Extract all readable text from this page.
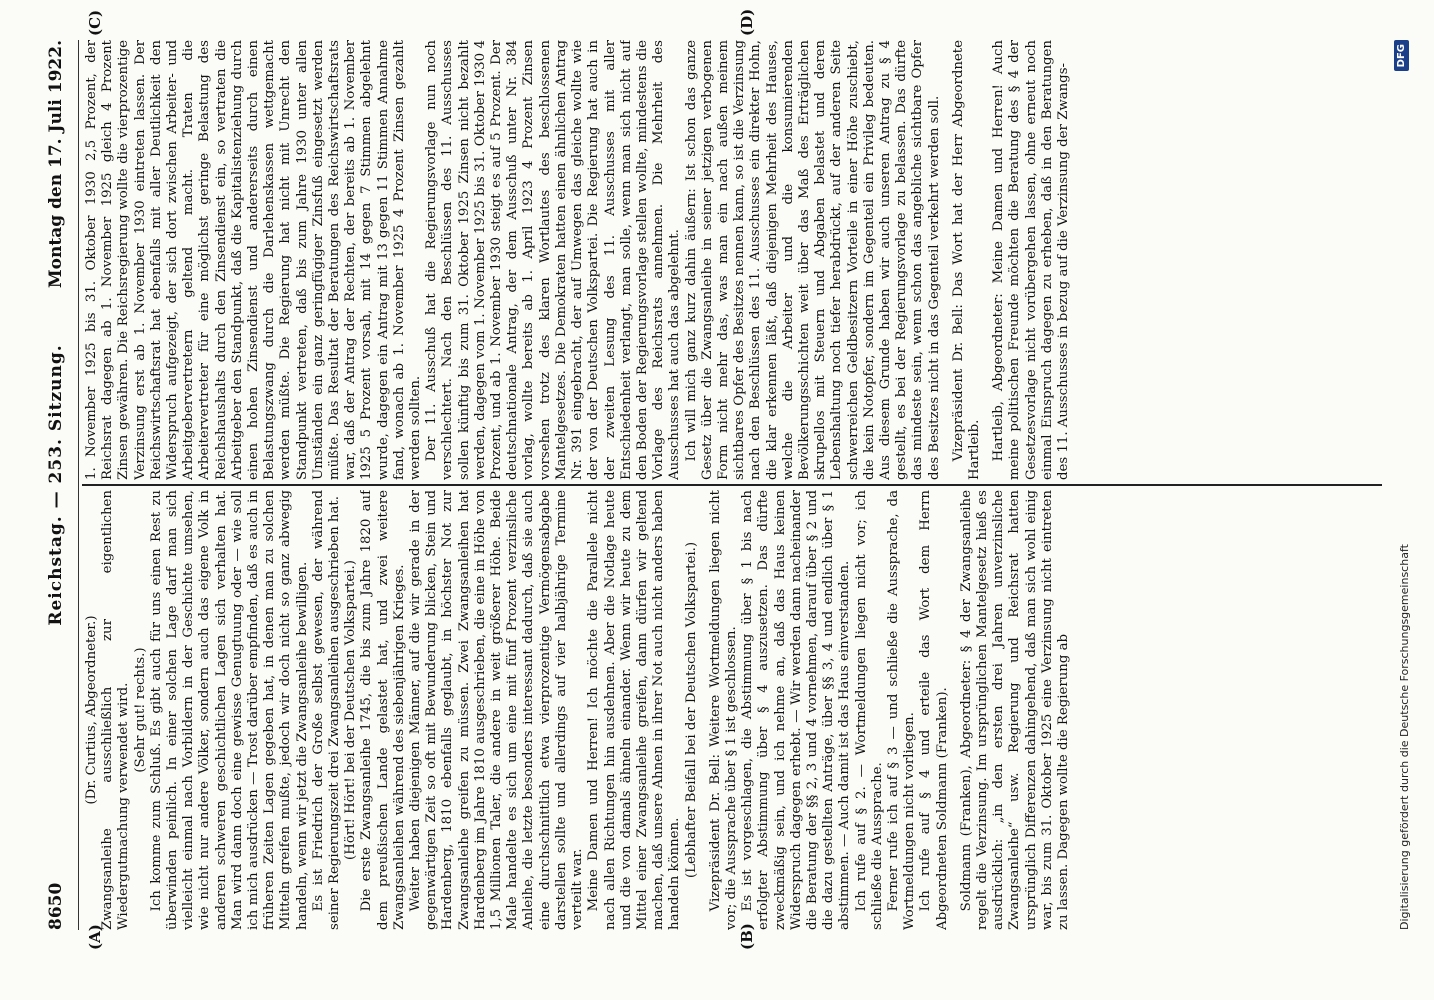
8650
Reichstag. — 253. Sitzung.
Montag den 17. Juli 1922.
(A)	(B)
(C)	(D)

(Dr. Curtius, Abgeordneter.) Zwangsanleihe ausschließlich zur eigentlichen Wiedergutmachung verwendet wird. (Sehr gut! rechts.) Ich komme zum Schluß. Es gibt auch für uns einen Rest zu überwinden peinlich. In einer solchen Lage darf man sich vielleicht einmal nach Vorbildern in der Geschichte umsehen, wie nicht nur andere Völker, sondern auch das eigene Volk in anderen schweren geschichtlichen Lagen sich verhalten hat. Man wird dann doch eine gewisse Genugtuung oder — wie soll ich mich ausdrücken — Trost darüber empfinden, daß es auch in früheren Zeiten Lagen gegeben hat, in denen man zu solchen Mitteln greifen mußte, jedoch wir doch nicht so ganz abwegig handeln, wenn wir jetzt die Zwangsanleihe bewilligen. Es ist Friedrich der Große selbst gewesen, der während seiner Regierungszeit drei Zwangsanleihen ausgeschrieben hat. (Hört! Hört! bei der Deutschen Volkspartei.) Die erste Zwangsanleihe 1745, die bis zum Jahre 1820 auf dem preußischen Lande gelastet hat, und zwei weitere Zwangsanleihen während des siebenjährigen Krieges. Weiter haben diejenigen Männer, auf die wir gerade in der gegenwärtigen Zeit so oft mit Bewunderung blicken, Stein und Hardenberg, 1810 ebenfalls geglaubt, in höchster Not zur Zwangsanleihe greifen zu müssen. Zwei Zwangsanleihen hat Hardenberg im Jahre 1810 ausgeschrieben, die eine in Höhe von 1,5 Millionen Taler, die andere in weit größerer Höhe. Beide Male handelte es sich um eine mit fünf Prozent verzinsliche Anleihe, die letzte besonders interessant dadurch, daß sie auch eine durchschnittlich etwa vierprozentige Vermögensabgabe darstellen sollte und allerdings auf vier halbjährige Termine verteilt war. Meine Damen und Herren! Ich möchte die Parallele nicht nach allen Richtungen hin ausdehnen. Aber die Notlage heute und die von damals ähneln einander. Wenn wir heute zu dem Mittel einer Zwangsanleihe greifen, dann dürfen wir geltend machen, daß unsere Ahnen in ihrer Not auch nicht anders haben handeln können. (Lebhafter Beifall bei der Deutschen Volkspartei.) Vizepräsident Dr. Bell: Weitere Wortmeldungen liegen nicht vor; die Aussprache über § 1 ist geschlossen. Es ist vorgeschlagen, die Abstimmung über § 1 bis nach erfolgter Abstimmung über § 4 auszusetzen. Das dürfte zweckmäßig sein, und ich nehme an, daß das Haus keinen Widerspruch dagegen erhebt. — Wir werden dann nacheinander die Beratung der §§ 2, 3 und 4 vornehmen, darauf über § 2 und die dazu gestellten Anträge, über §§ 3, 4 und endlich über § 1 abstimmen. — Auch damit ist das Haus einverstanden. Ich rufe auf § 2. — Wortmeldungen liegen nicht vor; ich schließe die Aussprache. Ferner rufe ich auf § 3 — und schließe die Aussprache, da Wortmeldungen nicht vorliegen. Ich rufe auf § 4 und erteile das Wort dem Herrn Abgeordneten Soldmann (Franken). Soldmann (Franken), Abgeordneter: § 4 der Zwangsanleihe regelt die Verzinsung. Im ursprünglichen Mantelgesetz hieß es ausdrücklich: „in den ersten drei Jahren unverzinsliche Zwangsanleihe“ usw. Regierung und Reichsrat hatten ursprünglich Differenzen dahingehend, daß man sich wohl einig war, bis zum 31. Oktober 1925 eine Verzinsung nicht eintreten zu lassen. Dagegen wollte die Regierung ab

1. November 1925 bis 31. Oktober 1930 2,5 Prozent, der Reichsrat dagegen ab 1. November 1925 gleich 4 Prozent Zinsen gewähren. Die Reichsregierung wollte die vierprozentige Verzinsung erst ab 1. November 1930 eintreten lassen. Der Reichswirtschaftsrat hat ebenfalls mit aller Deutlichkeit den Widerspruch aufgezeigt, der sich dort zwischen Arbeiter- und Arbeitgebervertretern geltend macht. Traten die Arbeitervertreter für eine möglichst geringe Belastung des Reichshaushalts durch den Zinsendienst ein, so vertraten die Arbeitgeber den Standpunkt, daß die Kapitalistenziehung durch einen hohen Zinsendienst und andererseits durch einen Belastungszwang durch die Darlehenskassen wettgemacht werden müßte. Die Regierung hat nicht mit Unrecht den Standpunkt vertreten, daß bis zum Jahre 1930 unter allen Umständen ein ganz geringfügiger Zinsfuß eingesetzt werden müßte. Das Resultat der Beratungen des Reichswirtschaftsrats war, daß der Antrag der Rechten, der bereits ab 1. November 1925 5 Prozent vorsah, mit 14 gegen 7 Stimmen abgelehnt wurde, dagegen ein Antrag mit 13 gegen 11 Stimmen Annahme fand, wonach ab 1. November 1925 4 Prozent Zinsen gezahlt werden sollten. Der 11. Ausschuß hat die Regierungsvorlage nun noch verschlechtert. Nach den Beschlüssen des 11. Ausschusses sollen künftig bis zum 31. Oktober 1925 Zinsen nicht bezahlt werden, dagegen vom 1. November 1925 bis 31. Oktober 1930 4 Prozent, und ab 1. November 1930 steigt es auf 5 Prozent. Der deutschnationale Antrag, der dem Ausschuß unter Nr. 384 vorlag, wollte bereits ab 1. April 1923 4 Prozent Zinsen vorsehen trotz des klaren Wortlautes des beschlossenen Mantelgesetzes. Die Demokraten hatten einen ähnlichen Antrag Nr. 391 eingebracht, der auf Umwegen das gleiche wollte wie der von der Deutschen Volkspartei. Die Regierung hat auch in der zweiten Lesung des 11. Ausschusses mit aller Entschiedenheit verlangt, man solle, wenn man sich nicht auf den Boden der Regierungsvorlage stellen wollte, mindestens die Vorlage des Reichsrats annehmen. Die Mehrheit des Ausschusses hat auch das abgelehnt. Ich will mich ganz kurz dahin äußern: Ist schon das ganze Gesetz über die Zwangsanleihe in seiner jetzigen verbogenen Form nicht mehr das, was man ein nach außen meinem sichtbares Opfer des Besitzes nennen kann, so ist die Verzinsung nach den Beschlüssen des 11. Ausschusses ein direkter Hohn, die klar erkennen läßt, daß diejenigen Mehrheit des Hauses, welche die Arbeiter und die konsumierenden Bevölkerungsschichten weit über das Maß des Erträglichen skrupellos mit Steuern und Abgaben belastet und deren Lebenshaltung noch tiefer herabdrückt, auf der anderen Seite schwerreichen Geldbesitzern Vorteile in einer Höhe zuschiebt, die kein Notopfer, sondern im Gegenteil ein Privileg bedeuten. Aus diesem Grunde haben wir auch unseren Antrag zu § 4 gestellt, es bei der Regierungsvorlage zu belassen. Das dürfte das mindeste sein, wenn schon das angebliche sichtbare Opfer des Besitzes nicht in das Gegenteil verkehrt werden soll. Vizepräsident Dr. Bell: Das Wort hat der Herr Abgeordnete Hartleib. Hartleib, Abgeordneter: Meine Damen und Herren! Auch meine politischen Freunde möchten die Beratung des § 4 der Gesetzesvorlage nicht vorübergehen lassen, ohne erneut noch einmal Einspruch dagegen zu erheben, daß in den Beratungen des 11. Ausschusses in bezug auf die Verzinsung der Zwangs-

Digitalisierung gefördert durch die Deutsche Forschungsgemeinschaft
DFG
